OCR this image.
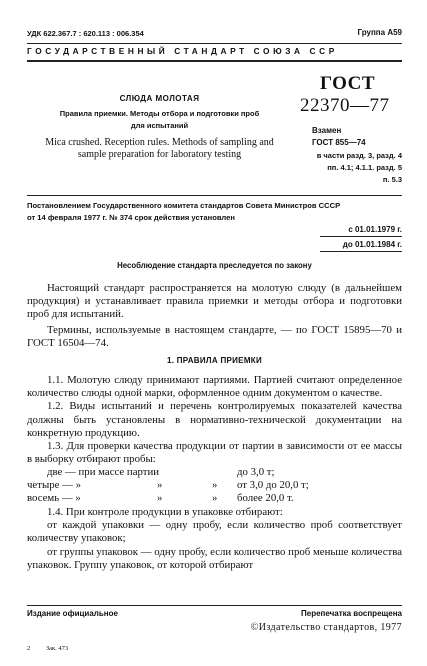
УДК 622.367.7 : 620.113 : 006.354	Группа А59
ГОСУДАРСТВЕННЫЙ СТАНДАРТ СОЮЗА ССР
ГОСТ
22370—77
СЛЮДА МОЛОТАЯ
Правила приемки. Методы отбора и подготовки проб
для испытаний
Mica crushed. Reception rules. Methods of sampling and
sample preparation for laboratory testing
Взамен
ГОСТ 855—74
в части разд. 3, разд. 4
пп. 4.1; 4.1.1. разд. 5
п. 5.3
Постановлением Государственного комитета стандартов Совета Министров СССР
от 14 февраля 1977 г. № 374 срок действия установлен
с 01.01.1979 г.
до 01.01.1984 г.
Несоблюдение стандарта преследуется по закону

Настоящий стандарт распространяется на молотую слюду (в дальнейшем продукция) и устанавливает правила приемки и методы отбора и подготовки проб для испытаний.

Термины, используемые в настоящем стандарте, — по ГОСТ 15895—70 и ГОСТ 16504—74.

1. ПРАВИЛА ПРИЕМКИ

1.1. Молотую слюду принимают партиями. Партией считают определенное количество слюды одной марки, оформленное одним документом о качестве.

1.2. Виды испытаний и перечень контролируемых показателей качества должны быть установлены в нормативно-технической документации на конкретную продукцию.

1.3. Для проверки качества продукции от партии в зависимости от ее массы в выборку отбирают пробы:

две — при массе партии	до 3,0 т;
четыре — »	»	» от 3,0 до 20,0 т;
восемь — »	»	» более 20,0 т.

1.4. При контроле продукции в упаковке отбирают:

от каждой упаковки — одну пробу, если количество проб соответствует количеству упаковок;

от группы упаковок — одну пробу, если количество проб меньше количества упаковок. Группу упаковок, от которой отбирают

Издание официальное	Перепечатка воспрещена
©Издательство стандартов, 1977
2 Зак. 473
